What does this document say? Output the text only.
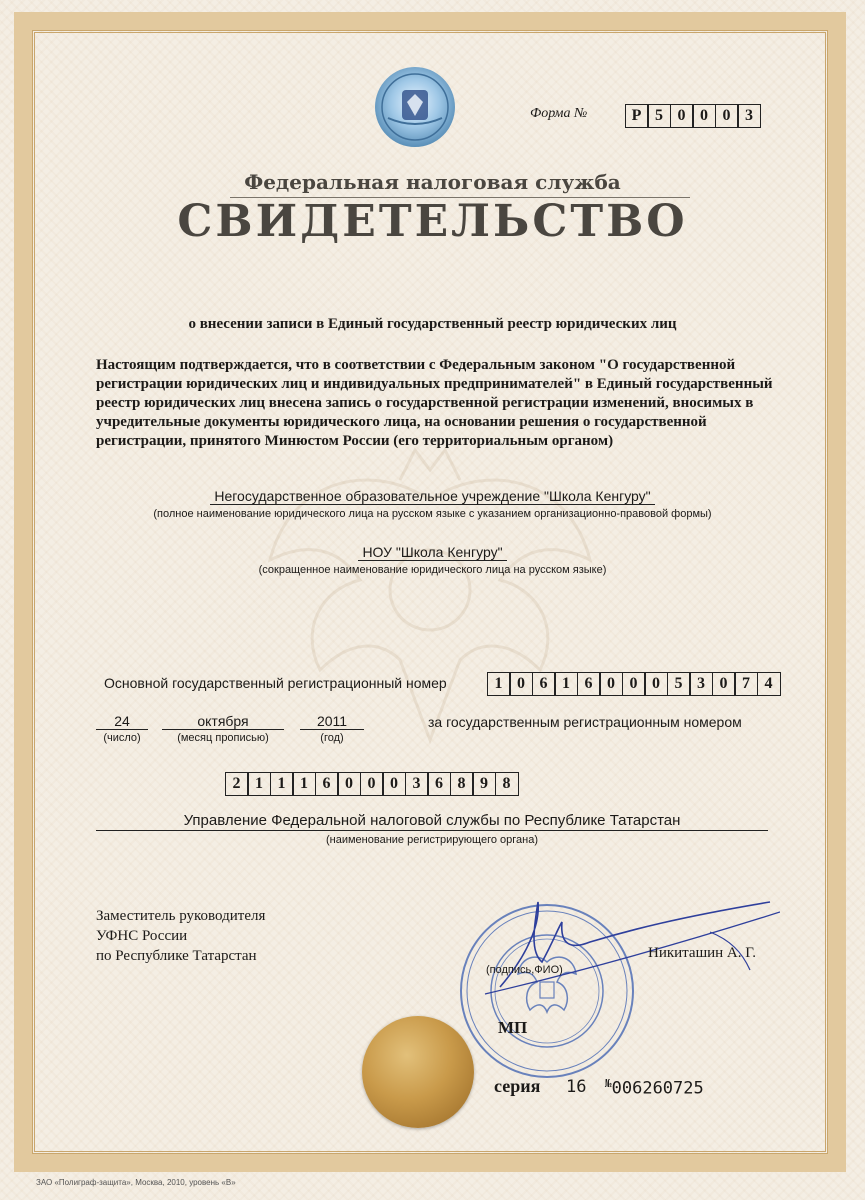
Форма №	Р 5 0 0 0 3
Федеральная налоговая служба
СВИДЕТЕЛЬСТВО
о внесении записи в Единый государственный реестр юридических лиц
Настоящим подтверждается, что в соответствии с Федеральным законом "О государственной регистрации юридических лиц и индивидуальных предпринимателей" в Единый государственный реестр юридических лиц внесена запись о государственной регистрации изменений, вносимых в учредительные документы юридического лица, на основании решения о государственной регистрации, принятого Минюстом России (его территориальным органом)
Негосударственное образовательное учреждение "Школа Кенгуру"
(полное наименование юридического лица на русском языке с указанием организационно-правовой формы)
НОУ "Школа Кенгуру"
(сокращенное наименование юридического лица на русском языке)
Основной государственный регистрационный номер	1 0 6 1 6 0 0 0 5 3 0 7 4
24
(число)
октября
(месяц прописью)
2011
(год)
за государственным регистрационным номером
2 1 1 1 6 0 0 0 3 6 8 9 8
Управление Федеральной налоговой службы по Республике Татарстан
(наименование регистрирующего органа)
Заместитель руководителя
УФНС России
по Республике Татарстан	Никиташин А. Г.
(подпись,ФИО)
МП
серия 16 №006260725
ЗАО «Полиграф-защита», Москва, 2010, уровень «В»
